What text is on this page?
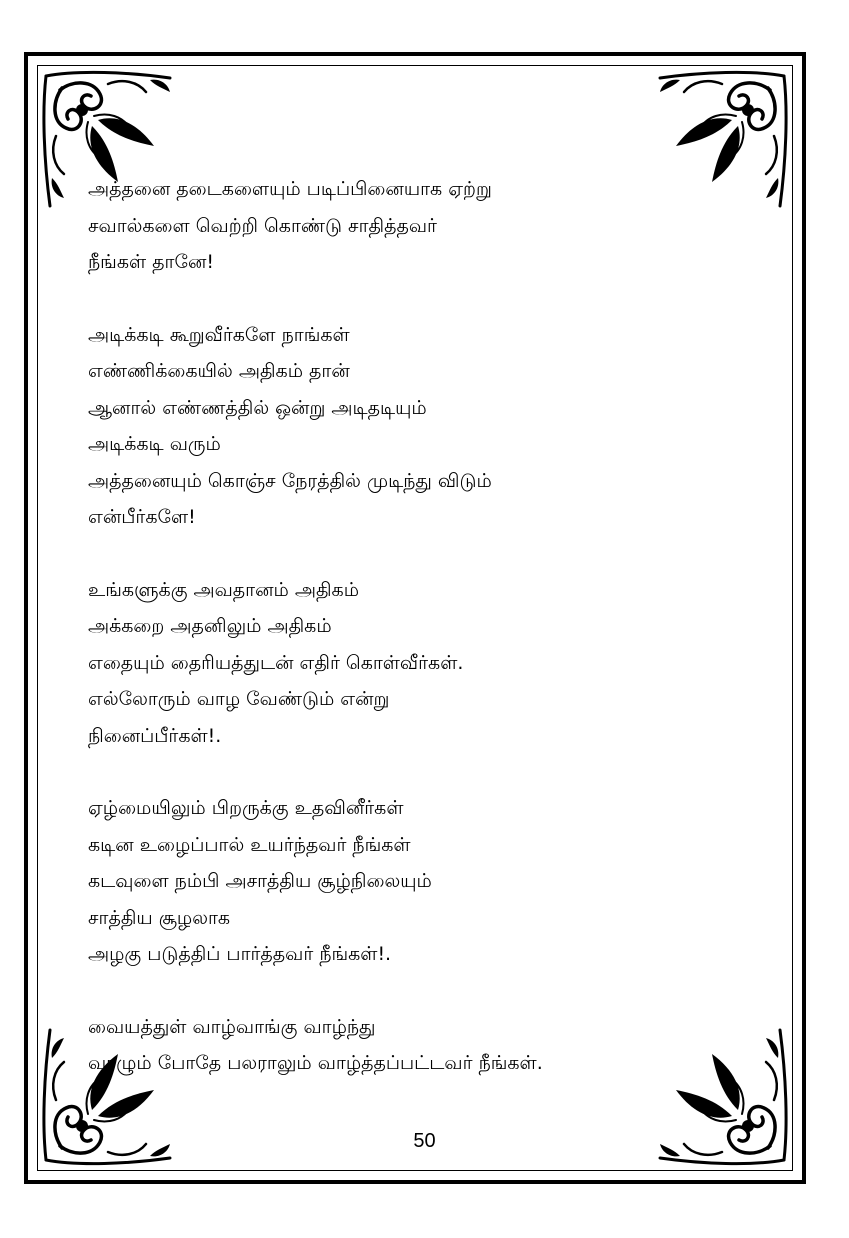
அத்தனை தடைகளையும் படிப்பினையாக ஏற்று
சவால்களை வெற்றி கொண்டு சாதித்தவர்
நீங்கள் தானே!
அடிக்கடி கூறுவீர்களே நாங்கள்
எண்ணிக்கையில் அதிகம் தான்
ஆனால் எண்ணத்தில் ஒன்று அடிதடியும்
அடிக்கடி வரும்
அத்தனையும் கொஞ்ச நேரத்தில் முடிந்து விடும்
என்பீர்களே!
உங்களுக்கு அவதானம் அதிகம்
அக்கறை அதனிலும் அதிகம்
எதையும் தைரியத்துடன் எதிர் கொள்வீர்கள்.
எல்லோரும் வாழ வேண்டும் என்று
நினைப்பீர்கள்!.
ஏழ்மையிலும் பிறருக்கு உதவினீர்கள்
கடின உழைப்பால் உயர்ந்தவர் நீங்கள்
கடவுளை நம்பி அசாத்திய சூழ்நிலையும்
சாத்திய சூழலாக
அழகு படுத்திப் பார்த்தவர் நீங்கள்!.
வையத்துள் வாழ்வாங்கு வாழ்ந்து
வாழும் போதே பலராலும் வாழ்த்தப்பட்டவர் நீங்கள்.
50
